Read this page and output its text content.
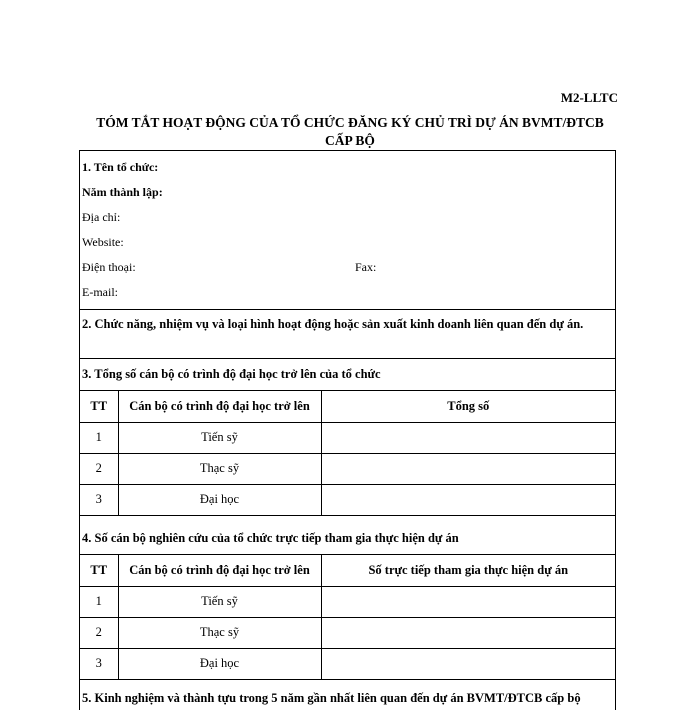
M2-LLTC
TÓM TẮT HOẠT ĐỘNG CỦA TỔ CHỨC ĐĂNG KÝ CHỦ TRÌ DỰ ÁN BVMT/ĐTCB
CẤP BỘ
1. Tên tổ chức:
Năm thành lập:
Địa chỉ:
Website:
Điện thoại:	Fax:
E-mail:
2. Chức năng, nhiệm vụ và loại hình hoạt động hoặc sản xuất kinh doanh liên quan đến dự án.
3. Tổng số cán bộ có trình độ đại học trở lên của tổ chức
TT	Cán bộ có trình độ đại học trở lên	Tổng số
1	Tiến sỹ	
2	Thạc sỹ	
3	Đại học	
4. Số cán bộ nghiên cứu của tổ chức trực tiếp tham gia thực hiện dự án
TT	Cán bộ có trình độ đại học trở lên	Số trực tiếp tham gia thực hiện dự án
1	Tiến sỹ	
2	Thạc sỹ	
3	Đại học	
5. Kinh nghiệm và thành tựu trong 5 năm gần nhất liên quan đến dự án BVMT/ĐTCB cấp bộ
